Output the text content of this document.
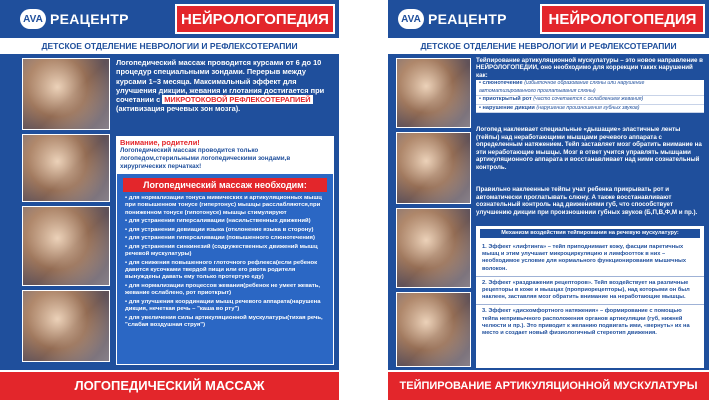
AVA РЕАЦЕНТР	НЕЙРОЛОГОПЕДИЯ
ДЕТСКОЕ ОТДЕЛЕНИЕ НЕВРОЛОГИИ И РЕФЛЕКСОТЕРАПИИ
Логопедический массаж проводится курсами от 6 до 10 процедур специальными зондами. Перерыв между курсами 1–3 месяца. Максимальный эффект для улучшения дикции, жевания и глотания достигается при сочетании с МИКРОТОКОВОЙ РЕФЛЕКСОТЕРАПИЕЙ (активизация речевых зон мозга).
Внимание, родители!
Логопедический массаж проводится только логопедом,стерильными логопедическими зондами,в хирургических перчатках!
Логопедический массаж необходим:
• для нормализации тонуса мимических и артикуляционных мышц при повышенном тонусе (гипертонус) мышцы расслабляются,при пониженном тонусе (гипотонусе) мышцы стимулируют
• для устранения гиперсаливации (насильственных движений)
• для устранения девиации языка (отклонение языка в сторону)
• для устранения гиперсаливации (повышенного слюнотечения)
• для устранения синкинезий (содружественных движений мышц речевой мускулатуры)
• для снижения повышенного глоточного рефлекса(если ребенок давится кусочками твердой пищи или его рвота родителя вынуждены давать ему только протертую еду)
• для нормализации процессов жевания(ребенок не умеет жевать, жевание ослаблено, рот приоткрыт)
• для улучшения координации мышц речевого аппарата(нарушена дикция, нечеткая речь – "каша во рту")
• для увеличения силы артикуляционной мускулатуры(тихая речь, "слабая воздушная струя")
ЛОГОПЕДИЧЕСКИЙ МАССАЖ
AVA РЕАЦЕНТР	НЕЙРОЛОГОПЕДИЯ
ДЕТСКОЕ ОТДЕЛЕНИЕ НЕВРОЛОГИИ И РЕФЛЕКСОТЕРАПИИ
Тейпирование артикуляционной мускулатуры – это новое направление в НЕЙРОЛОГОПЕДИИ, оно необходимо для коррекции таких нарушений как:
• слюнотечение (избыточное образование слюны или нарушение автоматизированного проглатывания слюны)
• приоткрытый рот (часто сочетается с ослаблением жевания)
• нарушение дикции (нарушение произношения губных звуков)
Логопед наклеивает специальные «дышащие» эластичные ленты (тейпы) над неработающими мышцами речевого аппарата с определенным натяжением. Тейп заставляет мозг обратить внимание на эти неработающие мышцы. Мозг в ответ учится управлять мышцами артикуляционного аппарата и восстанавливает над ними сознательный контроль.
Правильно наклеенные тейпы учат ребенка прикрывать рот и автоматически проглатывать слюну. А также восстанавливают сознательный контроль над движениями губ, что способствует улучшению дикции при произношении губных звуков (Б,П,В,Ф,М и пр.).
Механизм воздействия тейпирования на речевую мускулатуру:
1. Эффект «лифтинга» – тейп приподнимает кожу, фасции паретичных мышц и этим улучшает микроциркуляцию и лимфоотток в них – необходимое условие для нормального функционирования мышечных волокон.
2. Эффект «раздражения рецепторов». Тейп воздействует на различные рецепторы в коже и мышцах (проприорецепторы), над которыми он был наклеен, заставляя мозг обратить внимание на неработающие мышцы.
3. Эффект «дискомфортного натяжения» – формирование с помощью тейпа непривычного расположения органов артикуляции (губ, нижней челюсти и пр.). Это приводит к желанию подвигать ими, «вернуть» их на место и создает новый физиологичный стереотип движения.
ТЕЙПИРОВАНИЕ АРТИКУЛЯЦИОННОЙ МУСКУЛАТУРЫ
